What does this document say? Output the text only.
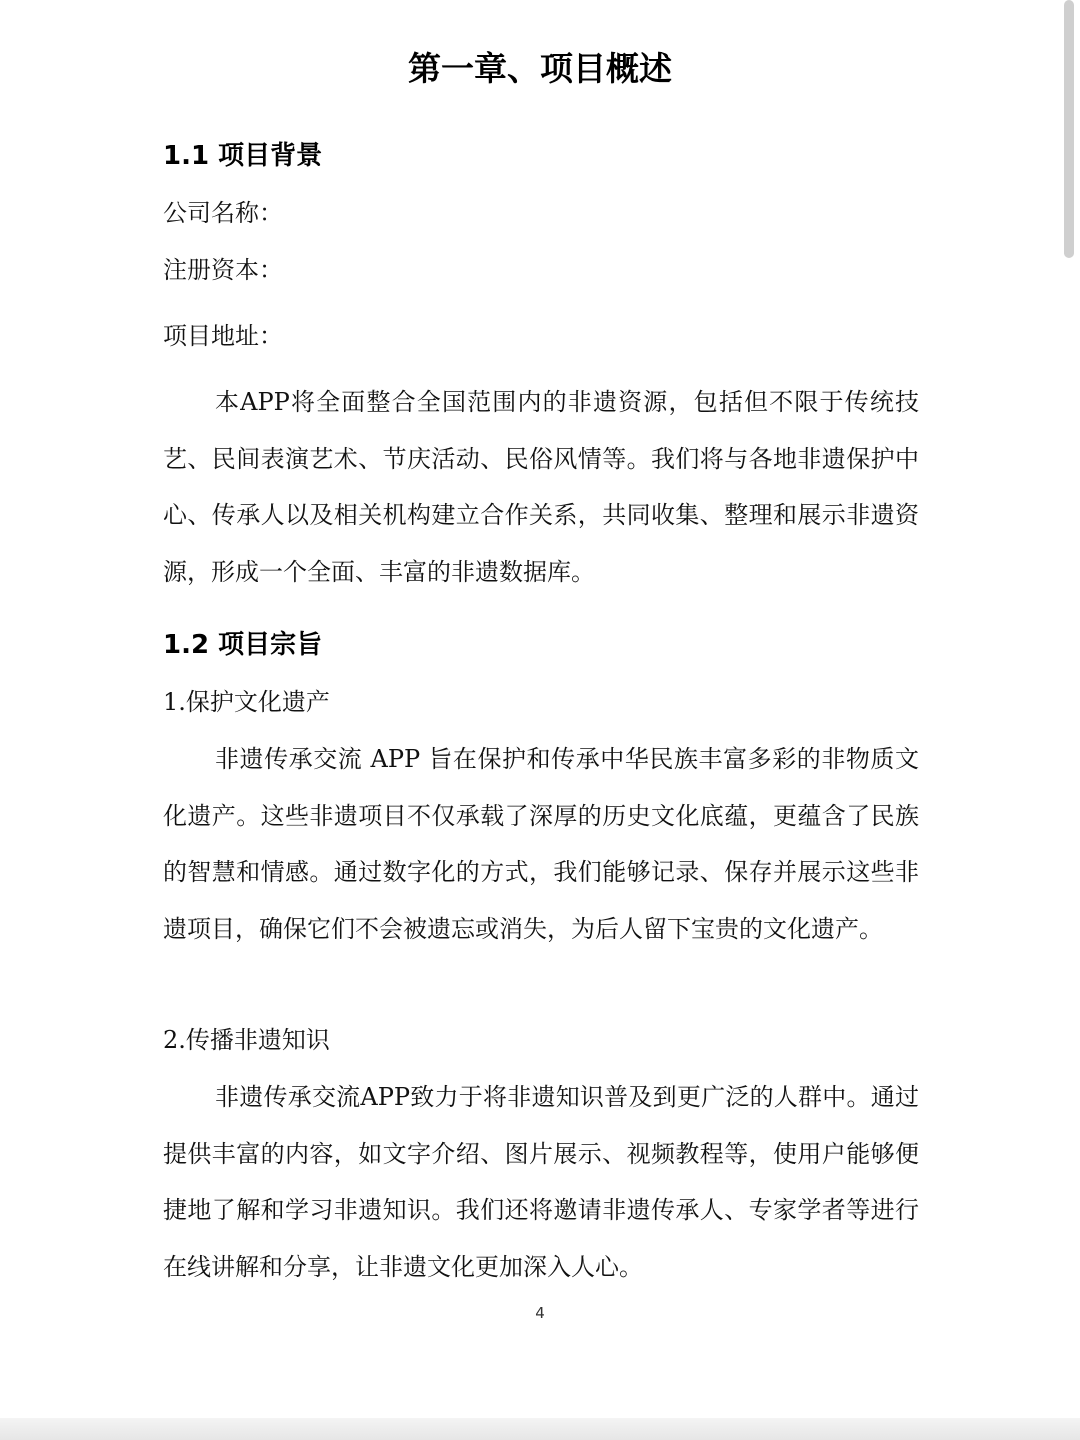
第一章、项目概述
1.1 项目背景
公司名称：
注册资本：
项目地址：
本APP将全面整合全国范围内的非遗资源，包括但不限于传统技艺、民间表演艺术、节庆活动、民俗风情等。我们将与各地非遗保护中心、传承人以及相关机构建立合作关系，共同收集、整理和展示非遗资源，形成一个全面、丰富的非遗数据库。
1.2 项目宗旨
1.保护文化遗产
非遗传承交流 APP 旨在保护和传承中华民族丰富多彩的非物质文化遗产。这些非遗项目不仅承载了深厚的历史文化底蕴，更蕴含了民族的智慧和情感。通过数字化的方式，我们能够记录、保存并展示这些非遗项目，确保它们不会被遗忘或消失，为后人留下宝贵的文化遗产。
2.传播非遗知识
非遗传承交流APP致力于将非遗知识普及到更广泛的人群中。通过提供丰富的内容，如文字介绍、图片展示、视频教程等，使用户能够便捷地了解和学习非遗知识。我们还将邀请非遗传承人、专家学者等进行在线讲解和分享，让非遗文化更加深入人心。
4
